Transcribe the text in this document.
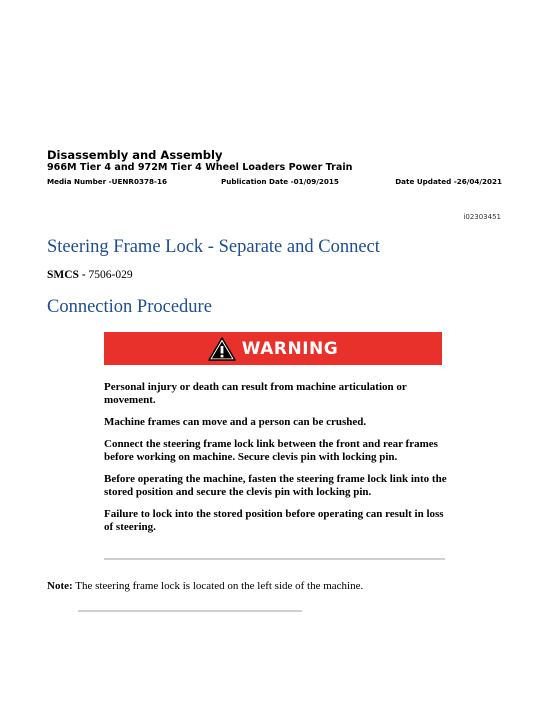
Disassembly and Assembly
966M Tier 4 and 972M Tier 4 Wheel Loaders Power Train
Media Number -UENR0378-16	Publication Date -01/09/2015	Date Updated -26/04/2021
i02303451
Steering Frame Lock - Separate and Connect
SMCS - 7506-029
Connection Procedure
WARNING

Personal injury or death can result from machine articulation or movement.

Machine frames can move and a person can be crushed.

Connect the steering frame lock link between the front and rear frames before working on machine. Secure clevis pin with locking pin.

Before operating the machine, fasten the steering frame lock link into the stored position and secure the clevis pin with locking pin.

Failure to lock into the stored position before operating can result in loss of steering.

Note: The steering frame lock is located on the left side of the machine.
